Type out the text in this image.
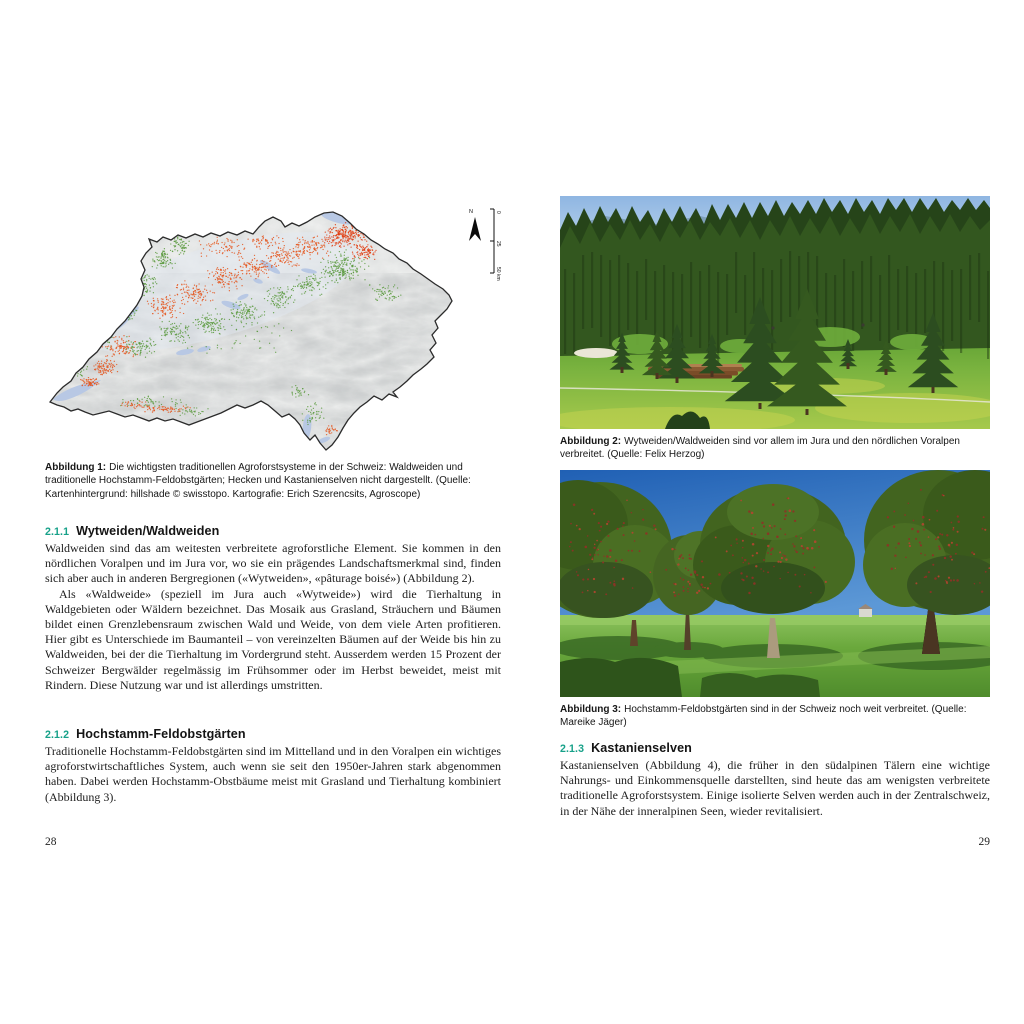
N	0
25
50 km
Abbildung 1: Die wichtigsten traditionellen Agroforstsysteme in der Schweiz: Waldweiden und traditionelle Hochstamm-Feldobstgärten; Hecken und Kastanienselven nicht dargestellt. (Quelle: Kartenhintergrund: hillshade © swisstopo. Kartografie: Erich Szerencsits, Agroscope)
2.1.1 Wytweiden/Waldweiden

Waldweiden sind das am weitesten verbreitete agroforstliche Element. Sie kommen in den nördlichen Voralpen und im Jura vor, wo sie ein prägendes Landschaftsmerkmal sind, finden sich aber auch in anderen Bergregionen («Wytweiden», «pâturage boisé») (Abbildung 2).

Als «Waldweide» (speziell im Jura auch «Wytweide») wird die Tierhaltung in Waldgebieten oder Wäldern bezeichnet. Das Mosaik aus Grasland, Sträuchern und Bäumen bildet einen Grenzlebensraum zwischen Wald und Weide, von dem viele Arten profitieren. Hier gibt es Unterschiede im Baumanteil – von vereinzelten Bäumen auf der Weide bis hin zu Waldweiden, bei der die Tierhaltung im Vordergrund steht. Ausserdem werden 15 Prozent der Schweizer Bergwälder regelmässig im Frühsommer oder im Herbst beweidet, meist mit Rindern. Diese Nutzung war und ist allerdings umstritten.

2.1.2 Hochstamm-Feldobstgärten

Traditionelle Hochstamm-Feldobstgärten sind im Mittelland und in den Voralpen ein wichtiges agroforstwirtschaftliches System, auch wenn sie seit den 1950er-Jahren stark abgenommen haben. Dabei werden Hochstamm-Obstbäume meist mit Grasland und Tierhaltung kombiniert (Abbildung 3).

28
Abbildung 2: Wytweiden/Waldweiden sind vor allem im Jura und den nördlichen Voralpen verbreitet. (Quelle: Felix Herzog)
Abbildung 3: Hochstamm-Feldobstgärten sind in der Schweiz noch weit verbreitet. (Quelle: Mareike Jäger)
2.1.3 Kastanienselven

Kastanienselven (Abbildung 4), die früher in den südalpinen Tälern eine wichtige Nahrungs- und Einkommensquelle darstellten, sind heute das am wenigsten verbreitete traditionelle Agroforstsystem. Einige isolierte Selven werden auch in der Zentralschweiz, in der Nähe der inneralpinen Seen, wieder revitalisiert.

29
